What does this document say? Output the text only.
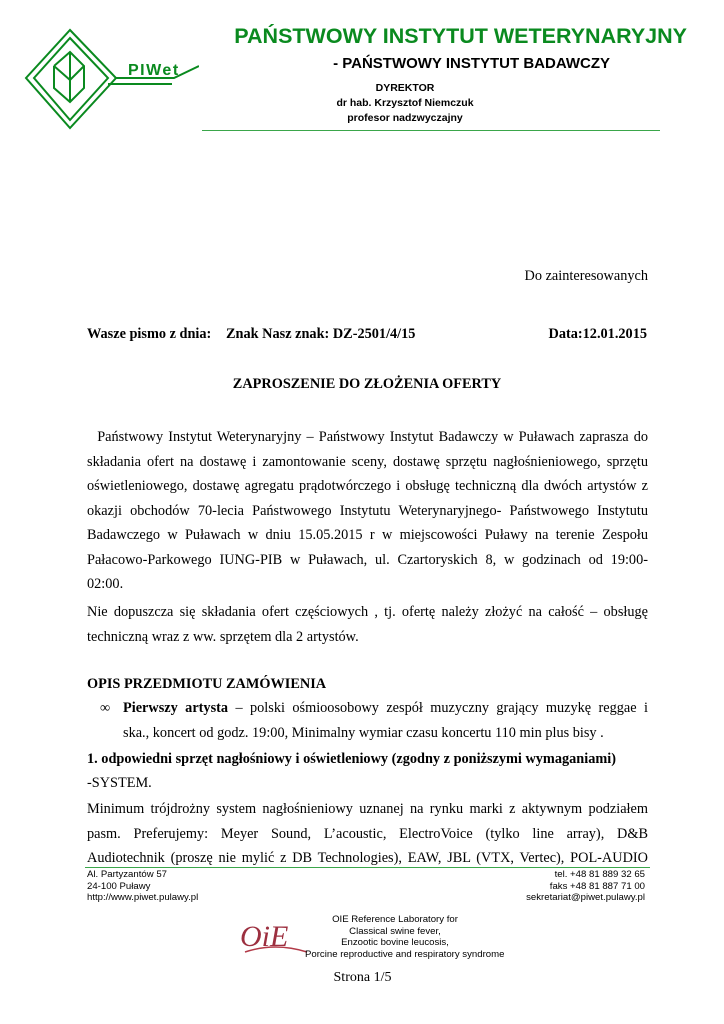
PIWet
PAŃSTWOWY INSTYTUT WETERYNARYJNY
- PAŃSTWOWY INSTYTUT BADAWCZY
DYREKTOR
dr hab. Krzysztof Niemczuk
profesor nadzwyczajny
Do zainteresowanych
Wasze pismo z dnia: Znak Nasz znak: DZ-2501/4/15	Data:12.01.2015
ZAPROSZENIE DO ZŁOŻENIA OFERTY
Państwowy Instytut Weterynaryjny – Państwowy Instytut Badawczy w Puławach zaprasza do
składania ofert na dostawę i zamontowanie sceny, dostawę sprzętu nagłośnieniowego, sprzętu
oświetleniowego, dostawę agregatu prądotwórczego i obsługę techniczną dla dwóch artystów z
okazji obchodów 70-lecia Państwowego Instytutu Weterynaryjnego- Państwowego Instytutu
Badawczego w Puławach w dniu 15.05.2015 r w miejscowości Puławy na terenie Zespołu
Pałacowo-Parkowego IUNG-PIB w Puławach, ul. Czartoryskich 8, w godzinach od 19:00-
02:00.
Nie dopuszcza się składania ofert częściowych , tj. ofertę należy złożyć na całość – obsługę
techniczną wraz z ww. sprzętem dla 2 artystów.
OPIS PRZEDMIOTU ZAMÓWIENIA
∞ Pierwszy artysta – polski ośmioosobowy zespół muzyczny grający muzykę reggae i
ska., koncert od godz. 19:00, Minimalny wymiar czasu koncertu 110 min plus bisy .
1. odpowiedni sprzęt nagłośniowy i oświetleniowy (zgodny z poniższymi wymaganiami)
-SYSTEM.
Minimum trójdrożny system nagłośnieniowy uznanej na rynku marki z aktywnym podziałem
pasm. Preferujemy: Meyer Sound, L’acoustic, ElectroVoice (tylko line array), D&B
Audiotechnik (proszę nie mylić z DB Technologies), EAW, JBL (VTX, Vertec), POL-AUDIO
Al. Partyzantów 57
24-100 Puławy
http://www.piwet.pulawy.pl
tel. +48 81 889 32 65
faks +48 81 887 71 00
sekretariat@piwet.pulawy.pl
OiE
OIE Reference Laboratory for
Classical swine fever,
Enzootic bovine leucosis,
Porcine reproductive and respiratory syndrome
Strona 1/5
